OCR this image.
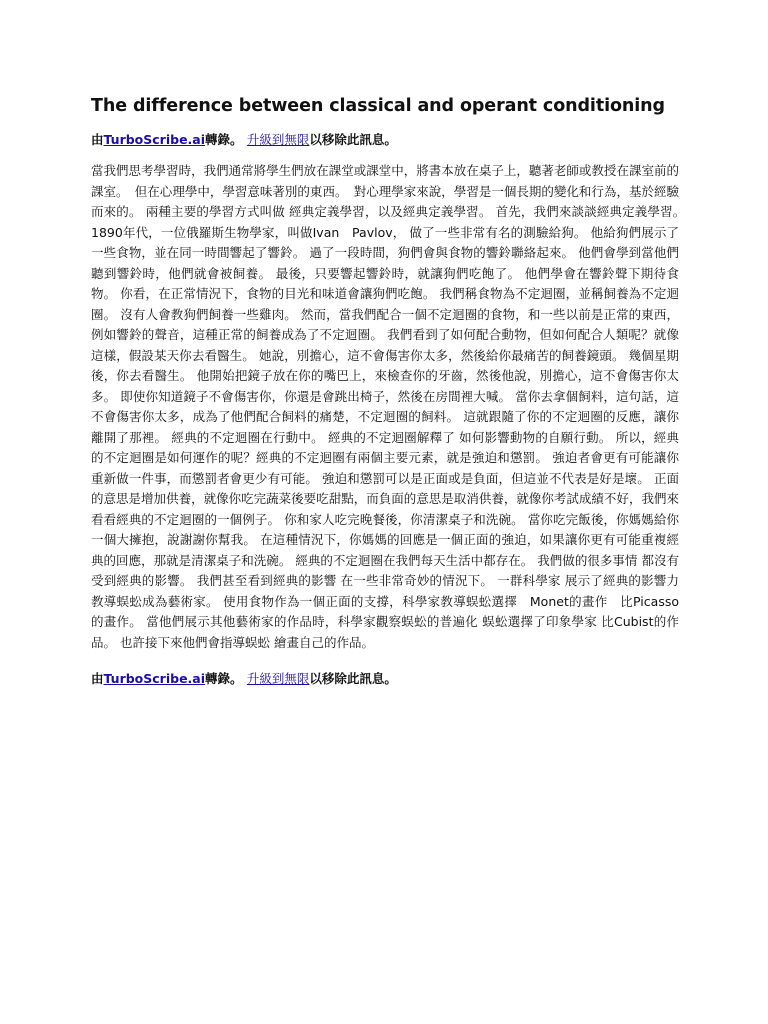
The difference between classical and operant conditioning

由TurboScribe.ai轉錄。 升級到無限以移除此訊息。

當我們思考學習時，我們通常將學生們放在課堂或課堂中，將書本放在桌子上，聽著老師或教授在課室前的課室。　但在心理學中，學習意味著別的東西。　對心理學家來說，學習是一個長期的變化和行為，基於經驗而來的。 兩種主要的學習方式叫做 經典定義學習，以及經典定義學習。 首先，我們來談談經典定義學習。　1890年代，一位俄羅斯生物學家，叫做Ivan　Pavlov， 做了一些非常有名的測驗給狗。 他給狗們展示了一些食物，並在同一時間響起了響鈴。 過了一段時間，狗們會與食物的響鈴聯絡起來。 他們會學到當他們聽到響鈴時，他們就會被飼養。 最後，只要響起響鈴時，就讓狗們吃飽了。 他們學會在響鈴聲下期待食物。 你看，在正常情況下，食物的目光和味道會讓狗們吃飽。 我們稱食物為不定迴圈，並稱飼養為不定迴圈。 沒有人會教狗們飼養一些雞肉。 然而，當我們配合一個不定迴圈的食物，和一些以前是正常的東西，例如響鈴的聲音，這種正常的飼養成為了不定迴圈。 我們看到了如何配合動物，但如何配合人類呢？就像這樣，假設某天你去看醫生。 她說，別擔心，這不會傷害你太多，然後給你最痛苦的飼養鏡頭。 幾個星期後，你去看醫生。 他開始把鏡子放在你的嘴巴上，來檢查你的牙齒，然後他說，別擔心，這不會傷害你太多。 即使你知道鏡子不會傷害你，你還是會跳出椅子，然後在房間裡大喊。 當你去拿個飼料，這句話，這不會傷害你太多，成為了他們配合飼料的痛楚，不定迴圈的飼料。 這就跟隨了你的不定迴圈的反應，讓你離開了那裡。 經典的不定迴圈在行動中。 經典的不定迴圈解釋了 如何影響動物的自願行動。 所以，經典的不定迴圈是如何運作的呢？經典的不定迴圈有兩個主要元素，就是強迫和懲罰。 強迫者會更有可能讓你重新做一件事，而懲罰者會更少有可能。 強迫和懲罰可以是正面或是負面，但這並不代表是好是壞。 正面的意思是增加供養，就像你吃完蔬菜後要吃甜點，而負面的意思是取消供養，就像你考試成績不好，我們來看看經典的不定迴圈的一個例子。 你和家人吃完晚餐後，你清潔桌子和洗碗。 當你吃完飯後，你媽媽給你一個大擁抱，說謝謝你幫我。 在這種情況下，你媽媽的回應是一個正面的強迫，如果讓你更有可能重複經典的回應，那就是清潔桌子和洗碗。 經典的不定迴圈在我們每天生活中都存在。 我們做的很多事情 都沒有受到經典的影響。 我們甚至看到經典的影響 在一些非常奇妙的情況下。 一群科學家 展示了經典的影響力　教導蜈蚣成為藝術家。 使用食物作為一個正面的支撐，科學家教導蜈蚣選擇　Monet的畫作　比Picasso的畫作。 當他們展示其他藝術家的作品時，科學家觀察蜈蚣的普遍化 蜈蚣選擇了印象學家 比Cubist的作品。 也許接下來他們會指導蜈蚣 繪畫自己的作品。

由TurboScribe.ai轉錄。 升級到無限以移除此訊息。
